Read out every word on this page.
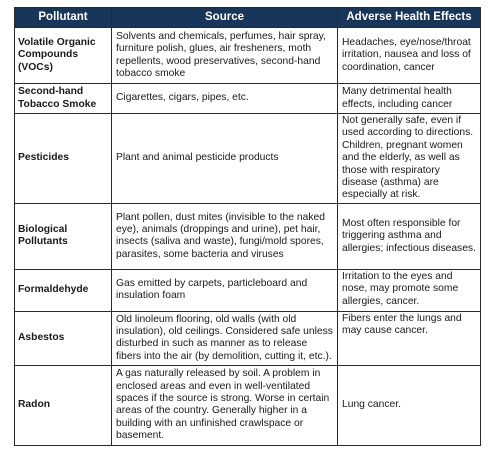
Pollutant	Source	Adverse Health Effects
Volatile Organic Compounds (VOCs)	Solvents and chemicals, perfumes, hair spray, furniture polish, glues, air fresheners, moth repellents, wood preservatives, second-hand tobacco smoke	Headaches, eye/nose/throat irritation, nausea and loss of coordination, cancer
Second-hand Tobacco Smoke	Cigarettes, cigars, pipes, etc.	Many detrimental health effects, including cancer
Pesticides	Plant and animal pesticide products	Not generally safe, even if used according to directions. Children, pregnant women and the elderly, as well as those with respiratory disease (asthma) are especially at risk.
Biological Pollutants	Plant pollen, dust mites (invisible to the naked eye), animals (droppings and urine), pet hair, insects (saliva and waste), fungi/mold spores, parasites, some bacteria and viruses	Most often responsible for triggering asthma and allergies; infectious diseases.
Formaldehyde	Gas emitted by carpets, particleboard and insulation foam	Irritation to the eyes and nose, may promote some allergies, cancer.
Asbestos	Old linoleum flooring, old walls (with old insulation), old ceilings. Considered safe unless disturbed in such as manner as to release fibers into the air (by demolition, cutting it, etc.).	Fibers enter the lungs and may cause cancer.
Radon	A gas naturally released by soil. A problem in enclosed areas and even in well-ventilated spaces if the source is strong. Worse in certain areas of the country. Generally higher in a building with an unfinished crawlspace or basement.	Lung cancer.
